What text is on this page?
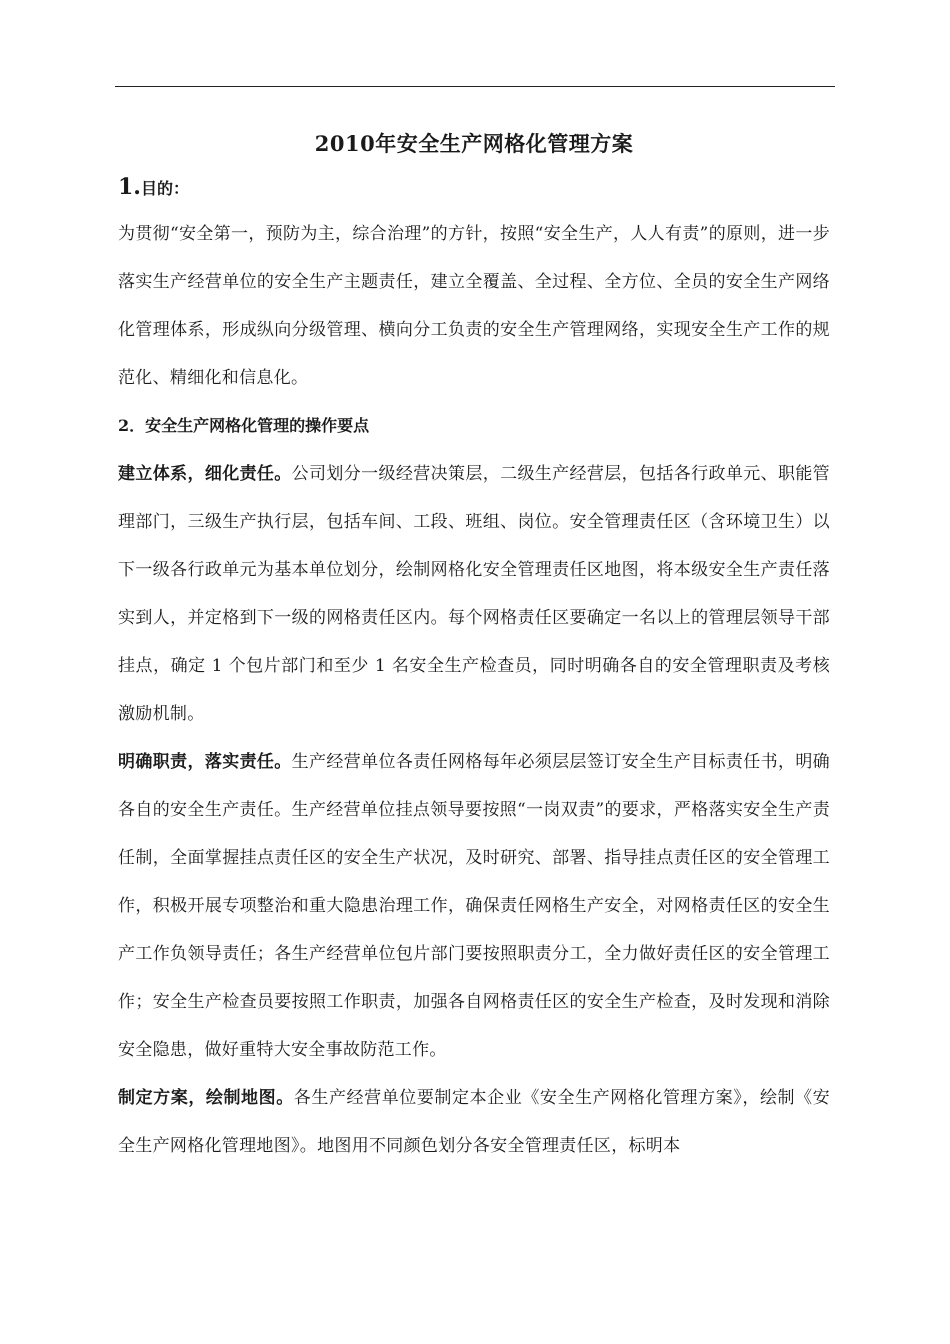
2010年安全生产网格化管理方案
1.目的：

为贯彻“安全第一，预防为主，综合治理”的方针，按照“安全生产，人人有责”的原则，进一步落实生产经营单位的安全生产主题责任，建立全覆盖、全过程、全方位、全员的安全生产网络化管理体系，形成纵向分级管理、横向分工负责的安全生产管理网络，实现安全生产工作的规范化、精细化和信息化。

2．安全生产网格化管理的操作要点

建立体系，细化责任。公司划分一级经营决策层，二级生产经营层，包括各行政单元、职能管理部门，三级生产执行层，包括车间、工段、班组、岗位。安全管理责任区（含环境卫生）以下一级各行政单元为基本单位划分，绘制网格化安全管理责任区地图，将本级安全生产责任落实到人，并定格到下一级的网格责任区内。每个网格责任区要确定一名以上的管理层领导干部挂点，确定 1 个包片部门和至少 1 名安全生产检查员，同时明确各自的安全管理职责及考核激励机制。

明确职责，落实责任。生产经营单位各责任网格每年必须层层签订安全生产目标责任书，明确各自的安全生产责任。生产经营单位挂点领导要按照“一岗双责”的要求，严格落实安全生产责任制，全面掌握挂点责任区的安全生产状况，及时研究、部署、指导挂点责任区的安全管理工作，积极开展专项整治和重大隐患治理工作，确保责任网格生产安全，对网格责任区的安全生产工作负领导责任；各生产经营单位包片部门要按照职责分工，全力做好责任区的安全管理工作；安全生产检查员要按照工作职责，加强各自网格责任区的安全生产检查，及时发现和消除安全隐患，做好重特大安全事故防范工作。

制定方案，绘制地图。各生产经营单位要制定本企业《安全生产网格化管理方案》，绘制《安全生产网格化管理地图》。地图用不同颜色划分各安全管理责任区，标明本
